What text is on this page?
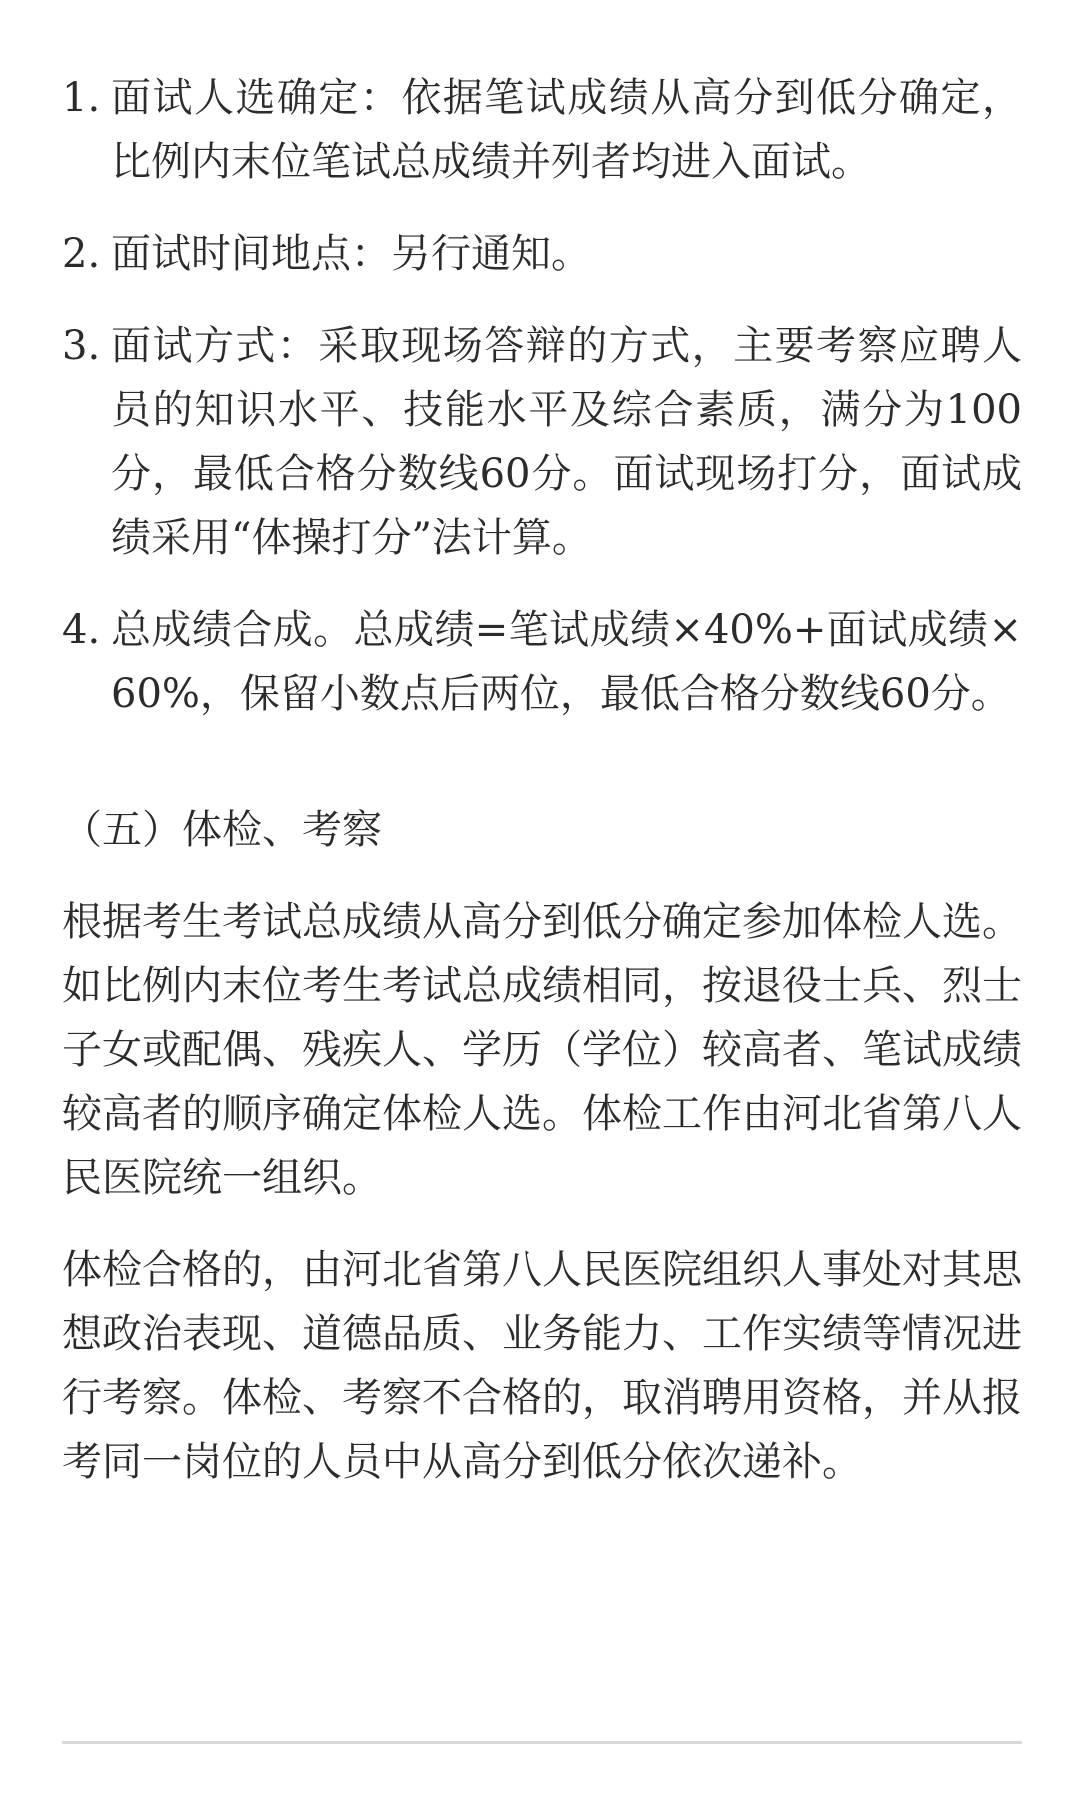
1. 面试人选确定：依据笔试成绩从高分到低分确定，比例内末位笔试总成绩并列者均进入面试。
2. 面试时间地点：另行通知。
3. 面试方式：采取现场答辩的方式，主要考察应聘人员的知识水平、技能水平及综合素质，满分为100分，最低合格分数线60分。面试现场打分，面试成绩采用“体操打分”法计算。
4. 总成绩合成。总成绩=笔试成绩×40%+面试成绩×60%，保留小数点后两位，最低合格分数线60分。
（五）体检、考察

根据考生考试总成绩从高分到低分确定参加体检人选。如比例内末位考生考试总成绩相同，按退役士兵、烈士子女或配偶、残疾人、学历（学位）较高者、笔试成绩较高者的顺序确定体检人选。体检工作由河北省第八人民医院统一组织。

体检合格的，由河北省第八人民医院组织人事处对其思想政治表现、道德品质、业务能力、工作实绩等情况进行考察。体检、考察不合格的，取消聘用资格，并从报考同一岗位的人员中从高分到低分依次递补。
